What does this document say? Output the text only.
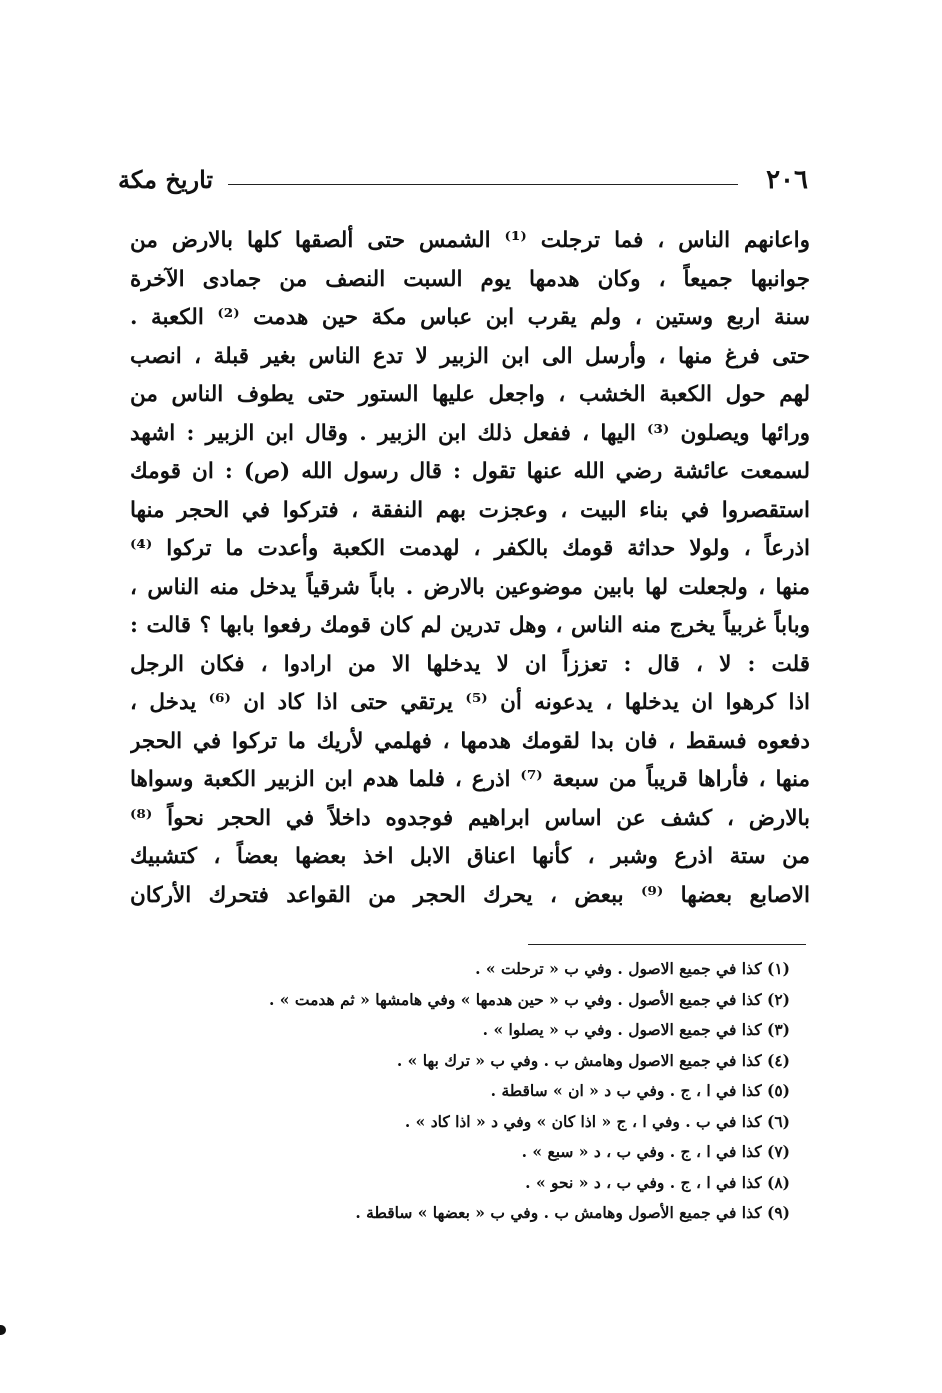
٢٠٦
تاريخ مكة
واعانهم الناس ، فما ترجلت ⁽¹⁾ الشمس حتى ألصقها كلها بالارض من
جوانبها جميعاً ، وكان هدمها يوم السبت النصف من جمادى الآخرة
سنة اربع وستين ، ولم يقرب ابن عباس مكة حين هدمت ⁽²⁾ الكعبة .
حتى فرغ منها ، وأرسل الى ابن الزبير لا تدع الناس بغير قبلة ، انصب
لهم حول الكعبة الخشب ، واجعل عليها الستور حتى يطوف الناس من
ورائها ويصلون ⁽³⁾ اليها ، ففعل ذلك ابن الزبير . وقال ابن الزبير : اشهد
لسمعت عائشة رضي الله عنها تقول : قال رسول الله (ص) : ان قومك
استقصروا في بناء البيت ، وعجزت بهم النفقة ، فتركوا في الحجر منها
اذرعاً ، ولولا حداثة قومك بالكفر ، لهدمت الكعبة وأعدت ما تركوا ⁽⁴⁾
منها ، ولجعلت لها بابين موضوعين بالارض . باباً شرقياً يدخل منه الناس ،
وباباً غربياً يخرج منه الناس ، وهل تدرين لم كان قومك رفعوا بابها ؟ قالت :
قلت : لا ، قال : تعززاً ان لا يدخلها الا من ارادوا ، فكان الرجل
اذا كرهوا ان يدخلها ، يدعونه أن ⁽⁵⁾ يرتقي حتى اذا كاد ان ⁽⁶⁾ يدخل ،
دفعوه فسقط ، فان بدا لقومك هدمها ، فهلمي لأريك ما تركوا في الحجر
منها ، فأراها قريباً من سبعة ⁽⁷⁾ اذرع ، فلما هدم ابن الزبير الكعبة وسواها
بالارض ، كشف عن اساس ابراهيم فوجدوه داخلاً في الحجر نحواً ⁽⁸⁾
من ستة اذرع وشبر ، كأنها اعناق الابل اخذ بعضها بعضاً ، كتشبيك
الاصابع بعضها ⁽⁹⁾ ببعض ، يحرك الحجر من القواعد فتحرك الأركان
(١) كذا في جميع الاصول . وفي ب « ترحلت » .
(٢) كذا في جميع الأصول . وفي ب « حين هدمها » وفي هامشها « ثم هدمت » .
(٣) كذا في جميع الاصول . وفي ب « يصلوا » .
(٤) كذا في جميع الاصول وهامش ب . وفي ب « ترك بها » .
(٥) كذا في ا ، ج . وفي ب د « ان » ساقطة .
(٦) كذا في ب . وفي ا ، ج « اذا كان » وفي د « اذا كاد » .
(٧) كذا في ا ، ج . وفي ب ، د « سبع » .
(٨) كذا في ا ، ج . وفي ب ، د « نحو » .
(٩) كذا في جميع الأصول وهامش ب . وفي ب « بعضها » ساقطة .
